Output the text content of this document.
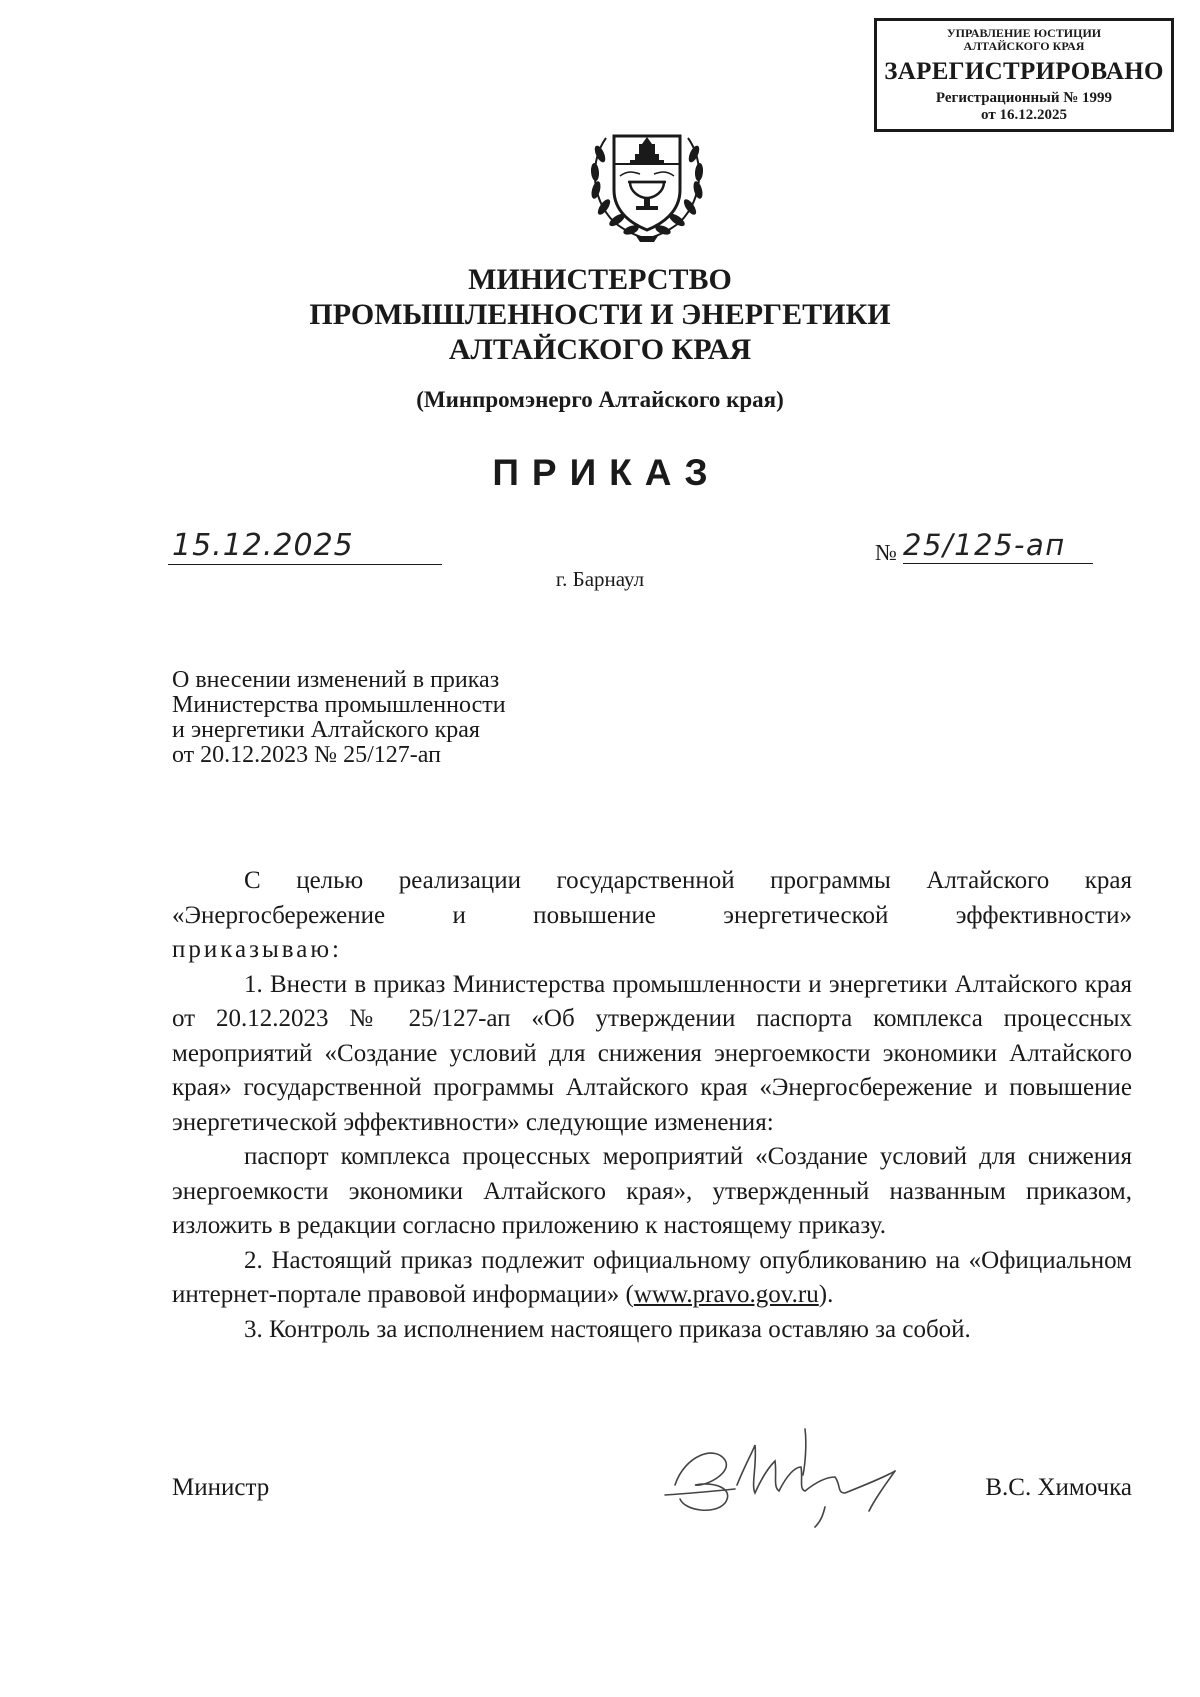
УПРАВЛЕНИЕ ЮСТИЦИИ
АЛТАЙСКОГО КРАЯ
ЗАРЕГИСТРИРОВАНО
Регистрационный № 1999
от 16.12.2025
МИНИСТЕРСТВО
ПРОМЫШЛЕННОСТИ И ЭНЕРГЕТИКИ
АЛТАЙСКОГО КРАЯ
(Минпромэнерго Алтайского края)
ПРИКАЗ
15.12.2025	№ 25/125-ап
г. Барнаул
О внесении изменений в приказ
Министерства промышленности
и энергетики Алтайского края
от 20.12.2023 № 25/127-ап

С целью реализации государственной программы Алтайского края «Энергосбережение и повышение энергетической эффективности»

приказываю:

1. Внести в приказ Министерства промышленности и энергетики Алтайского края от 20.12.2023 № 25/127-ап «Об утверждении паспорта комплекса процессных мероприятий «Создание условий для снижения энергоемкости экономики Алтайского края» государственной программы Алтайского края «Энергосбережение и повышение энергетической эффективности» следующие изменения:

паспорт комплекса процессных мероприятий «Создание условий для снижения энергоемкости экономики Алтайского края», утвержденный названным приказом, изложить в редакции согласно приложению к настоящему приказу.

2. Настоящий приказ подлежит официальному опубликованию на «Официальном интернет-портале правовой информации» (www.pravo.gov.ru).

3. Контроль за исполнением настоящего приказа оставляю за собой.

Министр	В.С. Химочка
